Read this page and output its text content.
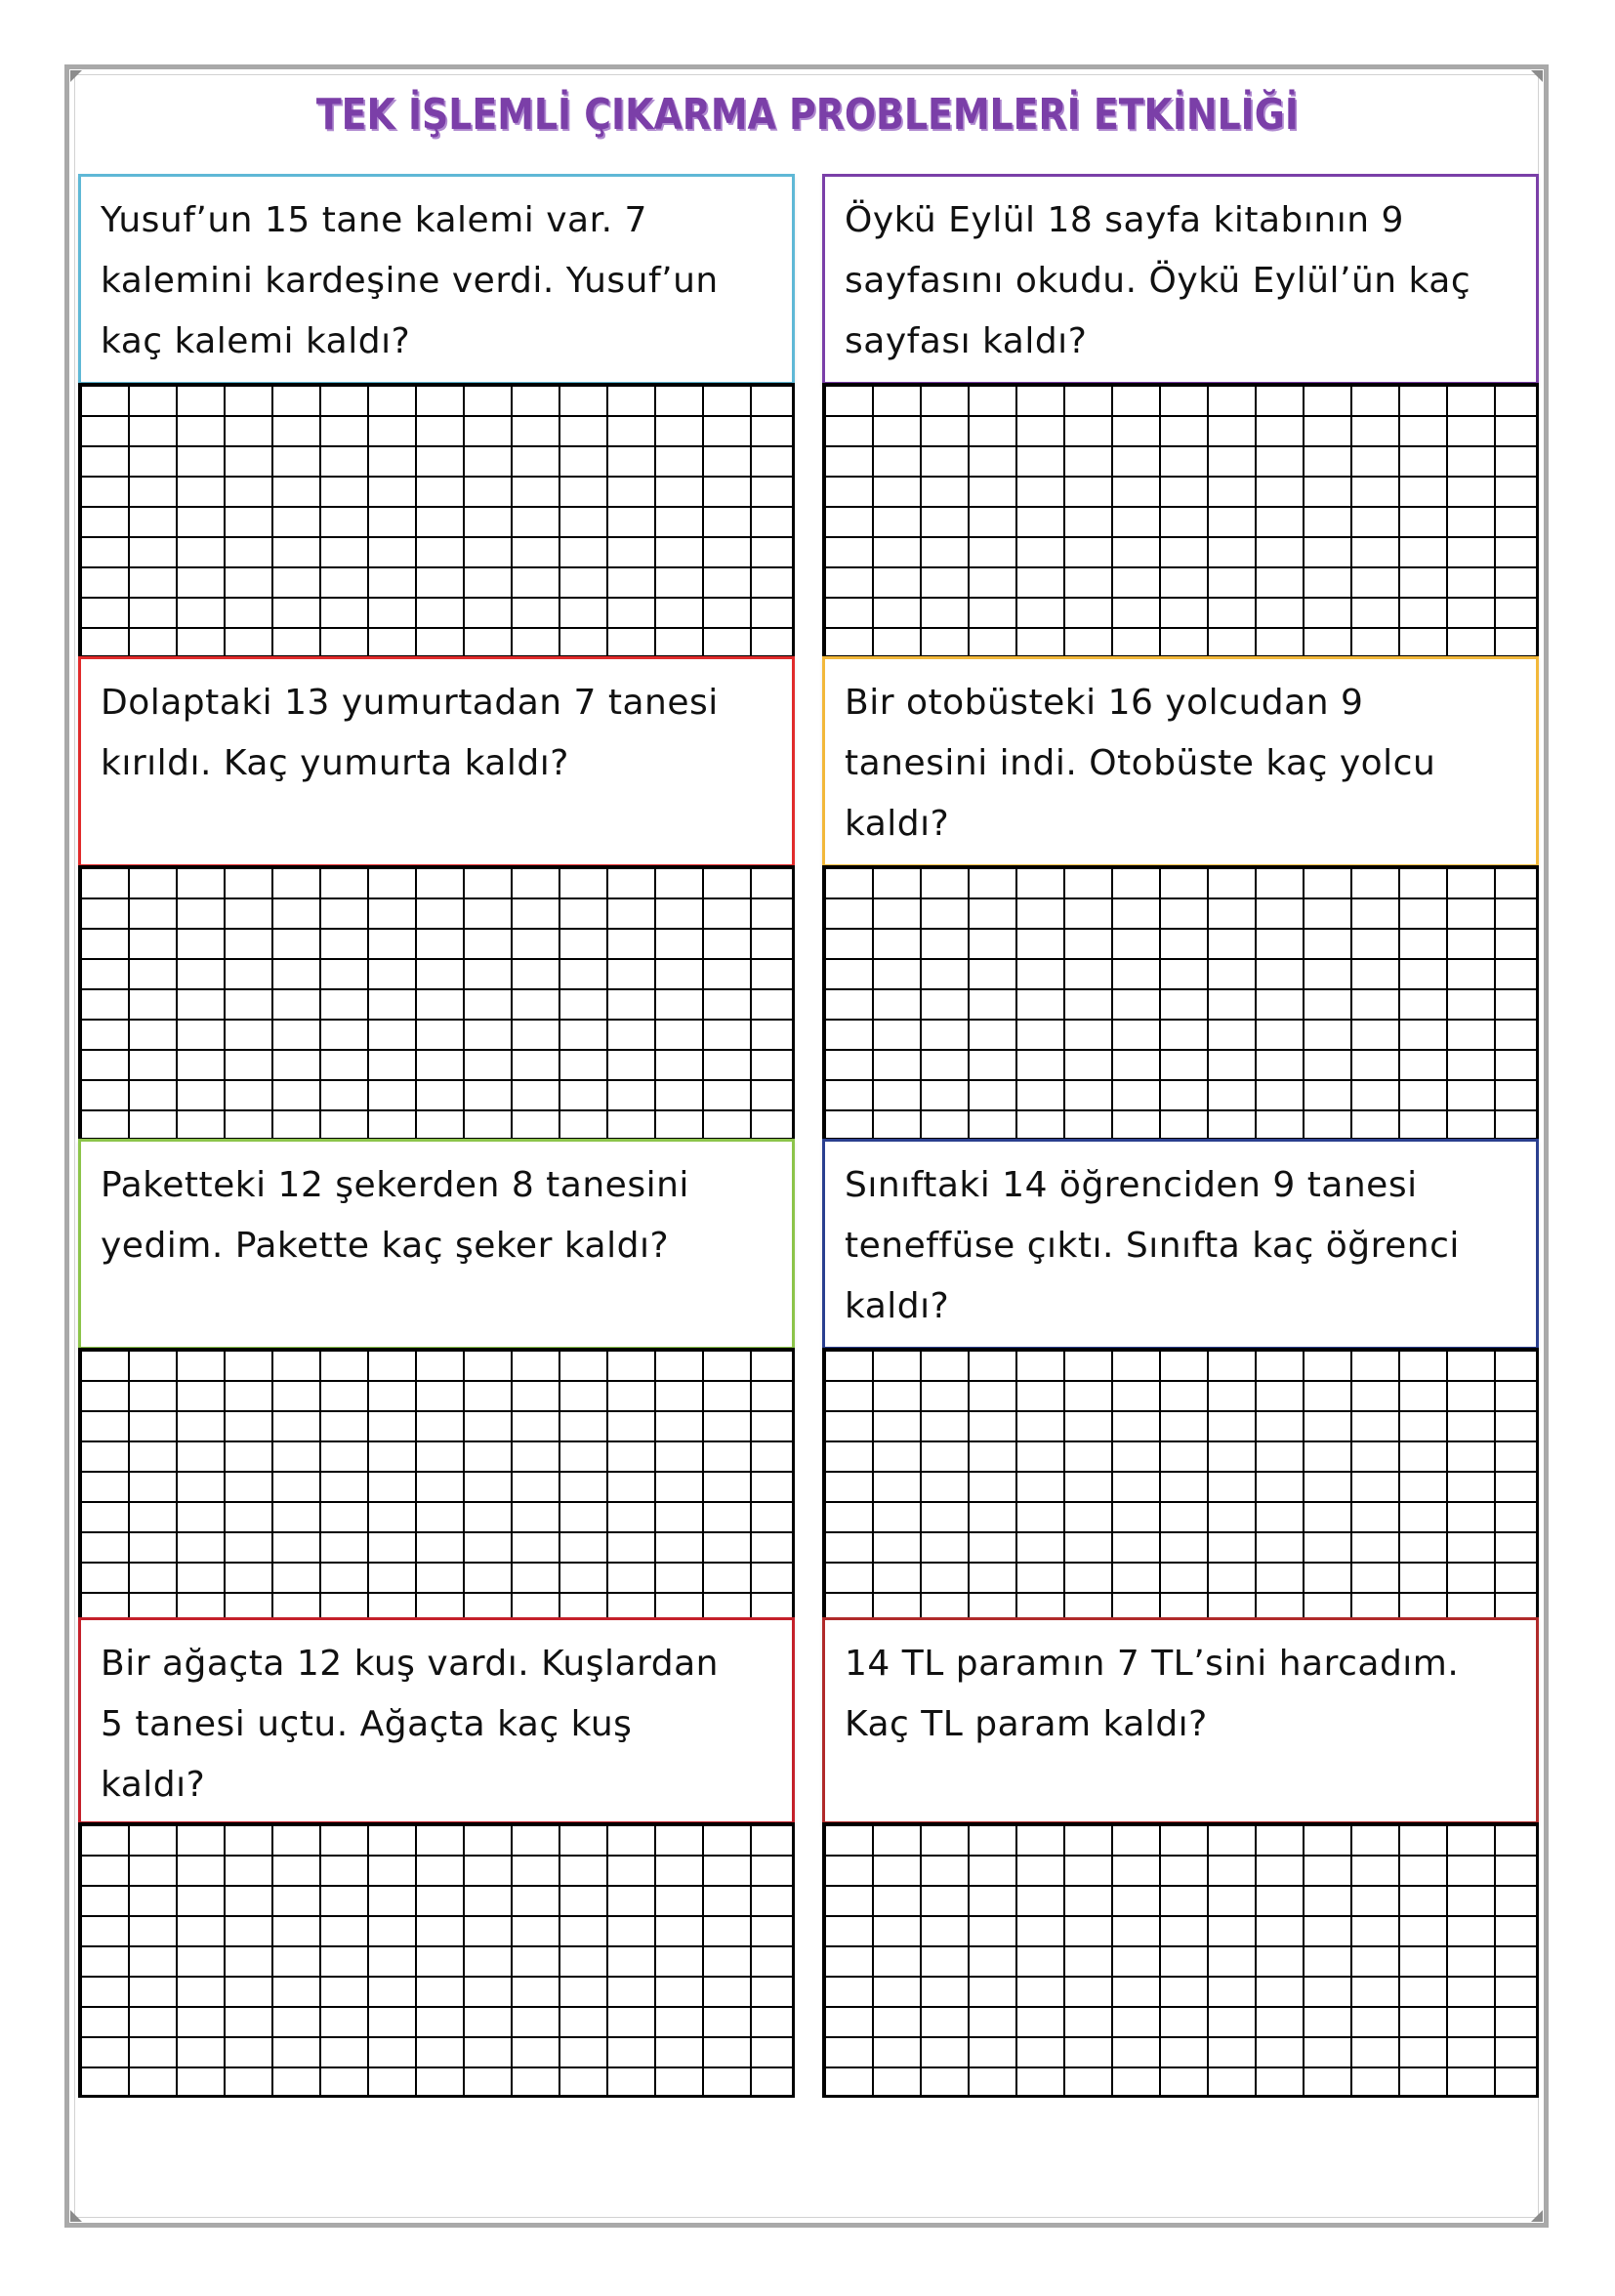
TEK İŞLEMLİ ÇIKARMA PROBLEMLERİ ETKİNLİĞİ
Yusuf’un 15 tane kalemi var. 7
kalemini kardeşine verdi. Yusuf’un
kaç kalemi kaldı?
Öykü Eylül 18 sayfa kitabının 9
sayfasını okudu. Öykü Eylül’ün kaç
sayfası kaldı?
Dolaptaki 13 yumurtadan 7 tanesi
kırıldı. Kaç yumurta kaldı?
Bir otobüsteki 16 yolcudan 9
tanesini indi. Otobüste kaç yolcu
kaldı?
Paketteki 12 şekerden 8 tanesini
yedim. Pakette kaç şeker kaldı?
Sınıftaki 14 öğrenciden 9 tanesi
teneffüse çıktı. Sınıfta kaç öğrenci
kaldı?
Bir ağaçta 12 kuş vardı. Kuşlardan
5 tanesi uçtu. Ağaçta kaç kuş
kaldı?
14 TL paramın 7 TL’sini harcadım.
Kaç TL param kaldı?
